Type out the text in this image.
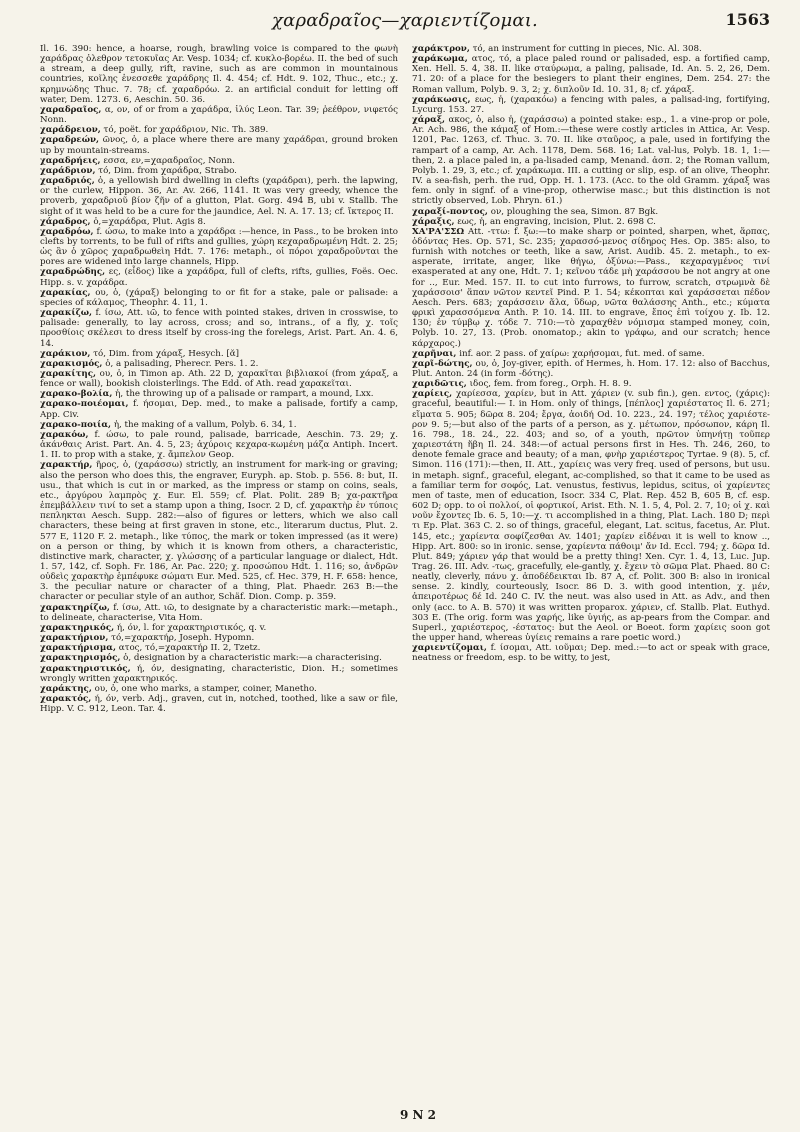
χαραδραῖος—χαριεντίζομαι.	1563

Il. 16. 390: hence, a hoarse, rough, brawling voice is compared to the φωνὴ χαράδρας ὀλεθρον τετοκυῖας Ar. Vesp. 1034; cf. κυκλο-βορέω. II. the bed of such a stream, a deep gully, rift, ravine, such as are common in mountainous countries, κοῖλης ἐνεσσεθε χαράδρης Il. 4. 454; cf. Hdt. 9. 102, Thuc., etc.; χ. κρημνώδης Thuc. 7. 78; cf. χαραδρόω. 2. an artificial conduit for letting off water, Dem. 1273. 6, Aeschin. 50. 36.

χαραδραῖος, α, ον, of or from a χαράδρα, ἰλύς Leon. Tar. 39; ῥεέθρον, νιφετός Nonn.

χαράδρειον, τό, poët. for χαράδριον, Nic. Th. 389.

χαραδρεών, ῶνος, ὁ, a place where there are many χαράδραι, ground broken up by mountain-streams.

χαραδρήεις, εσσα, εν,=χαραδραῖος, Nonn.

χαράδριον, τό, Dim. from χαράδρα, Strabo.

χαραδριός, ὁ, a yellowish bird dwelling in clefts (χαράδραι), perh. the lapwing, or the curlew, Hippon. 36, Ar. Av. 266, 1141. It was very greedy, whence the proverb, χαραδριοῦ βίον ζῆν of a glutton, Plat. Gorg. 494 B, ubi v. Stallb. The sight of it was held to be a cure for the jaundice, Ael. N. A. 17. 13; cf. ἴκτερος II.

χάραδρος, ὁ,=χαράδρα, Plut. Agis 8.

χαραδρόω, f. ώσω, to make into a χαράδρα :—hence, in Pass., to be broken into clefts by torrents, to be full of rifts and gullies, χώρη κεχαραδρωμένη Hdt. 2. 25; ὡς ἂν ὁ χῶρος χαραδρωθεὶη Hdt. 7. 176: metaph., οἱ πόροι χαραδροῦνται the pores are widened into large channels, Hipp.

χαραδρώδης, ες, (εἶδος) like a χαράδρα, full of clefts, rifts, gullies, Foës. Oec. Hipp. s. v. χαράδρα.

χαρακίας, ου, ὁ, (χάραξ) belonging to or fit for a stake, pale or palisade: a species of κάλαμος, Theophr. 4. 11, 1.

χαρακίζω, f. ίσω, Att. ιῶ, to fence with pointed stakes, driven in crosswise, to palisade: generally, to lay across, cross; and so, intrans., of a fly, χ. τοῖς προσθίοις σκέλεσι to dress itself by cross-ing the forelegs, Arist. Part. An. 4. 6, 14.

χαράκιον, τό, Dim. from χάραξ, Hesych. [ᾰ]

χαρακισμός, ὁ, a palisading, Pherecr. Pers. 1. 2.

χαρακίτης, ου, ὁ, in Timon ap. Ath. 22 D, χαρακῖται βιβλιακοί (from χάραξ, a fence or wall), bookish cloisterlings. The Edd. of Ath. read χαρακεῖται.

χαρακο-βολία, ἡ, the throwing up of a palisade or rampart, a mound, Lxx.

χαρακο-ποιέομαι, f. ήσομαι, Dep. med., to make a palisade, fortify a camp, App. Civ.

χαρακο-ποιία, ἡ, the making of a vallum, Polyb. 6. 34, 1.

χαρακόω, f. ώσω, to pale round, palisade, barricade, Aeschin. 73. 29; χ. ἀκάνθαις Arist. Part. An. 4. 5, 23; ἀχύροις κεχαρα-κωμένη μάζα Antiph. Incert. 1. II. to prop with a stake, χ. ἄμπελον Geop.

χαρακτήρ, ῆρος, ὁ, (χαράσσω) strictly, an instrument for mark-ing or graving; also the person who does this, the engraver, Euryph. ap. Stob. p. 556. 8: but, II. usu., that which is cut in or marked, as the impress or stamp on coins, seals, etc., ἀργύρου λαμπρὸς χ. Eur. El. 559; cf. Plat. Polit. 289 B; χα-ρακτῆρα ἐπεμβάλλειν τινί to set a stamp upon a thing, Isocr. 2 D, cf. χαρακτὴρ ἐν τύποις πεπληκται Aesch. Supp. 282:—also of figures or letters, which we also call characters, these being at first graven in stone, etc., literarum ductus, Plut. 2. 577 E, 1120 F. 2. metaph., like τύπος, the mark or token impressed (as it were) on a person or thing, by which it is known from others, a characteristic, distinctive mark, character, χ. γλώσσης of a particular language or dialect, Hdt. 1. 57, 142, cf. Soph. Fr. 186, Ar. Pac. 220; χ. προσώπου Hdt. 1. 116; so, ἀνδρῶν οὐδεὶς χαρακτὴρ ἐμπέφυκε σώματι Eur. Med. 525, cf. Hec. 379, H. F. 658: hence, 3. the peculiar nature or character of a thing, Plat. Phaedr. 263 B:—the character or peculiar style of an author, Schäf. Dion. Comp. p. 359.

χαρακτηρίζω, f. ίσω, Att. ιῶ, to designate by a characteristic mark:—metaph., to delineate, characterise, Vita Hom.

χαρακτηρικός, ή, όν, l. for χαρακτηριστικός, q. v.

χαρακτήριον, τό,=χαρακτήρ, Joseph. Hypomn.

χαρακτήρισμα, ατος, τό,=χαρακτήρ II. 2, Tzetz.

χαρακτηρισμός, ὁ, designation by a characteristic mark:—a characterising.

χαρακτηριστικός, ή, όν, designating, characteristic, Dion. H.; sometimes wrongly written χαρακτηρικός.

χαράκτης, ου, ὁ, one who marks, a stamper, coiner, Manetho.

χαρακτός, ή, όν, verb. Adj., graven, cut in, notched, toothed, like a saw or file, Hipp. V. C. 912, Leon. Tar. 4.

χαράκτρον, τό, an instrument for cutting in pieces, Nic. Al. 308.

χαράκωμα, ατος, τό, a place paled round or palisaded, esp. a fortified camp, Xen. Hell. 5. 4, 38. II. like σταύρωμα, a paling, palisade, Id. An. 5. 2, 26, Dem. 71. 20: of a place for the besiegers to plant their engines, Dem. 254. 27: the Roman vallum, Polyb. 9. 3, 2; χ. διπλοῦν Id. 10. 31, 8; cf. χάραξ.

χαράκωσις, εως, ἡ, (χαρακόω) a fencing with pales, a palisad-ing, fortifying, Lycurg. 153. 27.

χάραξ, ακος, ὁ, also ἡ, (χαράσσω) a pointed stake: esp., 1. a vine-prop or pole, Ar. Ach. 986, the κάμαξ of Hom.:—these were costly articles in Attica, Ar. Vesp. 1201, Pac. 1263, cf. Thuc. 3. 70. II. like σταῦρος, a pale, used in fortifying the rampart of a camp, Ar. Ach. 1178, Dem. 568. 16; Lat. val-lus, Polyb. 18. 1, 1:—then, 2. a place paled in, a pa-lisaded camp, Menand. ἀσπ. 2; the Roman vallum, Polyb. 1. 29, 3, etc.; cf. χαράκωμα. III. a cutting or slip, esp. of an olive, Theophr. IV. a sea-fish, perh. the rud, Opp. H. 1. 173. (Acc. to the old Gramm. χάραξ was fem. only in signf. of a vine-prop, otherwise masc.; but this distinction is not strictly observed, Lob. Phryn. 61.)

χαραξί-ποντος, ον, ploughing the sea, Simon. 87 Bgk.

χάραξις, εως, ἡ, an engraving, incision, Plut. 2. 698 C.

ΧΑ'ΡΑ'ΣΣΩ Att. -ττω: f. ξω:—to make sharp or pointed, sharpen, whet, ἅρπας, ὀδόντας Hes. Op. 571, Sc. 235; χαρασσό-μενος σίδηρος Hes. Op. 385: also, to furnish with notches or teeth, like a saw, Arist. Audib. 45. 2. metaph., to ex-asperate, irritate, anger, like θήγω, ὀξύνω:—Pass., κεχαραγμένος τινί exasperated at any one, Hdt. 7. 1; κεῖνου τάδε μὴ χαράσσου be not angry at one for .., Eur. Med. 157. II. to cut into furrows, to furrow, scratch, στρωμνὰ δὲ χαράσσοισ' ἅπαν νῶτον κεντεῖ Pind. P. 1. 54; κέκοπται καὶ χαράσσεται πέδον Aesch. Pers. 683; χαράσσειν ἅλα, ὕδωρ, νῶτα θαλάσσης Anth., etc.; κύματα φρικὶ χαρασσόμενα Anth. P. 10. 14. III. to engrave, ἔπος ἐπὶ τοίχου χ. Ib. 12. 130; ἐν τύμβῳ χ. τόδε 7. 710:—τὸ χαραχθὲν νόμισμα stamped money, coin, Polyb. 10. 27, 13. (Prob. onomatop.; akin to γράφω, and our scratch; hence κάρχαρος.)

χαρῆναι, inf. aor. 2 pass. of χαίρω: χαρήσομαι, fut. med. of same.

χαρῖ-δώτης, ου, ὁ, Joy-giver, epith. of Hermes, h. Hom. 17. 12: also of Bacchus, Plut. Anton. 24 (in form -δότης).

χαριδῶτις, ιδος, fem. from foreg., Orph. H. 8. 9.

χαρίεις, χαρίεσσα, χαρίεν, but in Att. χάριεν (v. sub fin.), gen. εντος, (χάρις): graceful, beautiful:— I. in Hom. only of things, [πέπλος] χαριέστατος Il. 6. 271; εἵματα 5. 905; δῶρα 8. 204; ἔργα, ἀοιδή Od. 10. 223., 24. 197; τέλος χαριέστε-ρον 9. 5;—but also of the parts of a person, as χ. μέτωπον, πρόσωπον, κάρη Il. 16. 798., 18. 24., 22. 403; and so, of a youth, πρῶτον ὑπηνήτῃ τοῦπερ χαριεστάτη ἥβη Il. 24. 348:—of actual persons first in Hes. Th. 246, 260, to denote female grace and beauty; of a man, φνὴρ χαριέστερος Tyrtae. 9 (8). 5, cf. Simon. 116 (171):—then, II. Att., χαρίεις was very freq. used of persons, but usu. in metaph. signf., graceful, elegant, ac-complished, so that it came to be used as a familiar term for σοφός, Lat. venustus, festivus, lepidus, scitus, οἱ χαρίεντες men of taste, men of education, Isocr. 334 C, Plat. Rep. 452 B, 605 B, cf. esp. 602 D; opp. to οἱ πολλοί, οἱ φορτικοί, Arist. Eth. N. 1. 5, 4, Pol. 2. 7, 10; οἱ χ. καὶ νοῦν ἔχοντες Ib. 6. 5, 10:—χ. τι accomplished in a thing, Plat. Lach. 180 D; περὶ τι Ep. Plat. 363 C. 2. so of things, graceful, elegant, Lat. scitus, facetus, Ar. Plut. 145, etc.; χαρίεντα σοφίζεσθαι Av. 1401; χαρίεν εἰδέναι it is well to know .., Hipp. Art. 800: so in ironic. sense, χαρίεντα πάθοιμ' ἄν Id. Eccl. 794; χ. δῶρα Id. Plut. 849; χάριεν γάρ that would be a pretty thing! Xen. Cyr. 1. 4, 13, Luc. Jup. Trag. 26. III. Adv. -τως, gracefully, ele-gantly, χ. ἔχειν τὸ σῶμα Plat. Phaed. 80 C: neatly, cleverly, πάνυ χ. ἀποδέδεικται Ib. 87 A, cf. Polit. 300 B: also in ironical sense. 2. kindly, courteously, Isocr. 86 D. 3. with good intention, χ. μέν, ἀπειροτέρως δέ Id. 240 C. IV. the neut. was also used in Att. as Adv., and then only (acc. to A. B. 570) it was written proparox. χάριεν, cf. Stallb. Plat. Euthyd. 303 E. (The orig. form was χαρής, like ὑγιής, as ap-pears from the Compar. and Superl., χαριέστερος, -έστατος: but the Aeol. or Boeot. form χαρίεις soon got the upper hand, whereas ὑγίεις remains a rare poetic word.)

χαριεντίζομαι, f. ίσομαι, Att. ιοῦμαι; Dep. med.:—to act or speak with grace, neatness or freedom, esp. to be witty, to jest,

9 N 2
